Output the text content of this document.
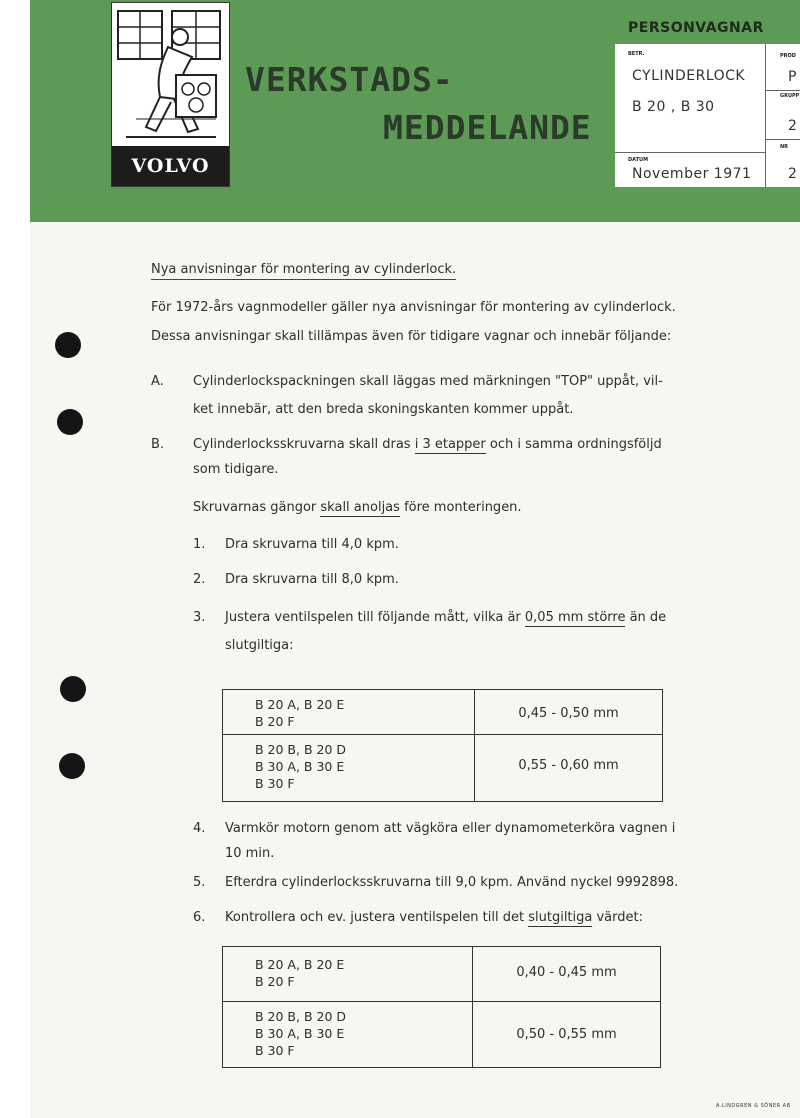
VOLVO
VERKSTADS-
MEDDELANDE
PERSONVAGNAR
BETR.
CYLINDERLOCK
B 20 , B 30
DATUM
November 1971
PROD
P
GRUPP
2
NR
2
Nya anvisningar för montering av cylinderlock.
För 1972-års vagnmodeller gäller nya anvisningar för montering av cylinderlock.
Dessa anvisningar skall tillämpas även för tidigare vagnar och innebär följande:
A. Cylinderlockspackningen skall läggas med märkningen "TOP" uppåt, vil-
ket innebär, att den breda skoningskanten kommer uppåt.
B. Cylinderlocksskruvarna skall dras i 3 etapper och i samma ordningsföljd
som tidigare.
Skruvarnas gängor skall anoljas före monteringen.
1. Dra skruvarna till 4,0 kpm.
2. Dra skruvarna till 8,0 kpm.
3. Justera ventilspelen till följande mått, vilka är 0,05 mm större än de
slutgiltiga:
B 20 A, B 20 E
B 20 F
0,45 - 0,50 mm
B 20 B, B 20 D
B 30 A, B 30 E
B 30 F
0,55 - 0,60 mm
4. Varmkör motorn genom att vägköra eller dynamometerköra vagnen i
10 min.
5. Efterdra cylinderlocksskruvarna till 9,0 kpm. Använd nyckel 9992898.
6. Kontrollera och ev. justera ventilspelen till det slutgiltiga värdet:
B 20 A, B 20 E
B 20 F
0,40 - 0,45 mm
B 20 B, B 20 D
B 30 A, B 30 E
B 30 F
0,50 - 0,55 mm
A.LINDGREN & SÖNER AB
